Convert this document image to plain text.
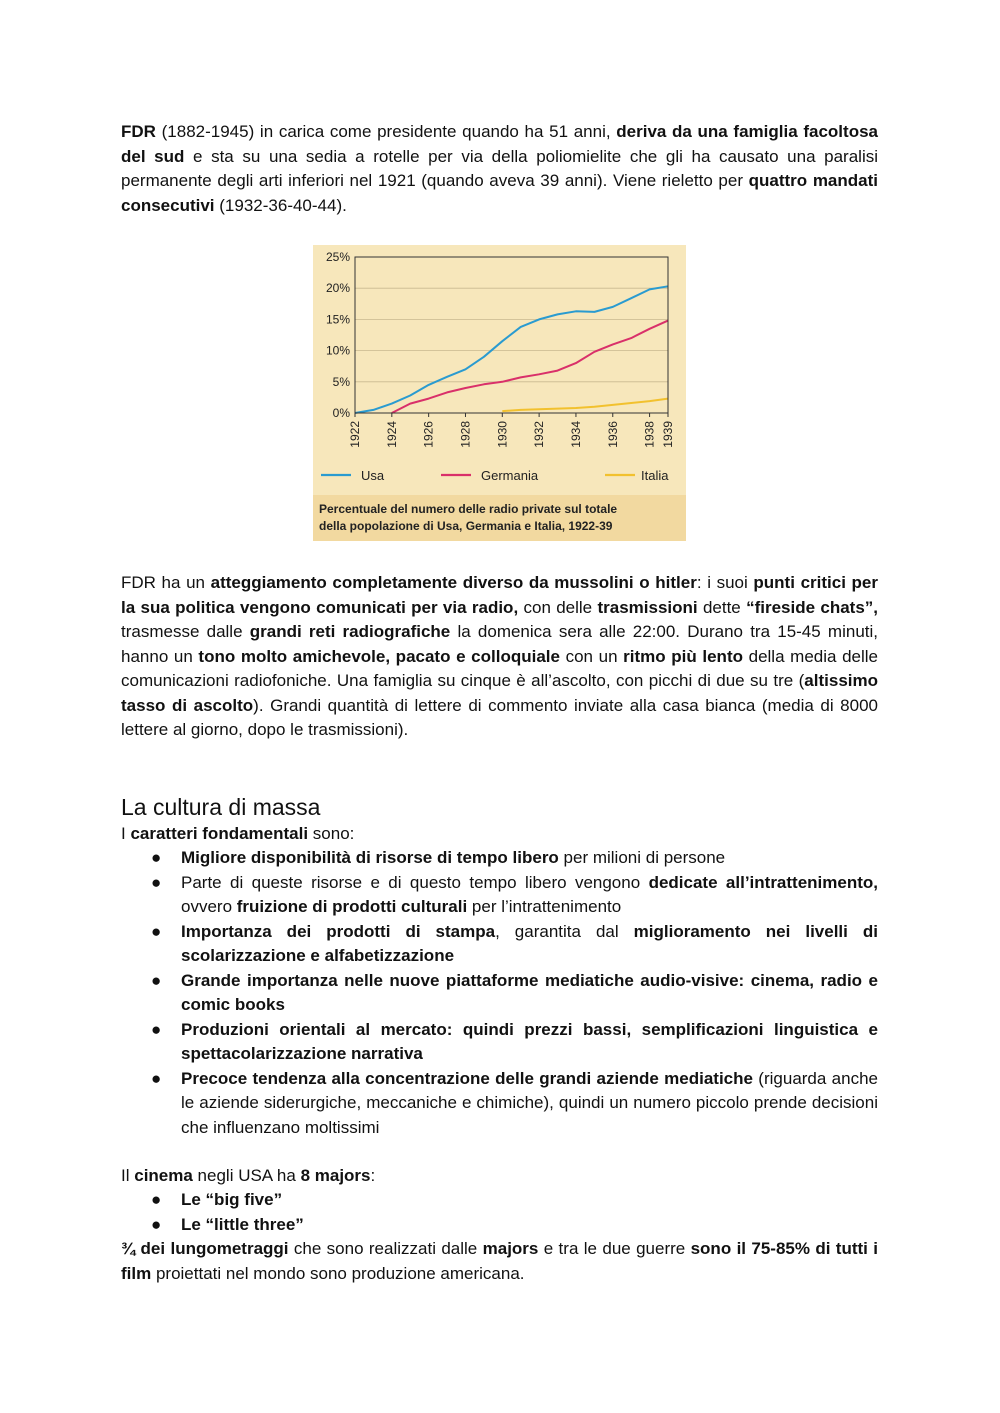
FDR (1882-1945) in carica come presidente quando ha 51 anni, deriva da una famiglia facoltosa del sud e sta su una sedia a rotelle per via della poliomielite che gli ha causato una paralisi permanente degli arti inferiori nel 1921 (quando aveva 39 anni). Viene rieletto per quattro mandati consecutivi (1932-36-40-44).

25%
20%
15%
10%
5%
0%
1922 1924 1926 1928 1930 1932 1934 1936 1938 1939
Usa	Germania	Italia
Percentuale del numero delle radio private sul totale
della popolazione di Usa, Germania e Italia, 1922-39

FDR ha un atteggiamento completamente diverso da mussolini o hitler: i suoi punti critici per la sua politica vengono comunicati per via radio, con delle trasmissioni dette “fireside chats”, trasmesse dalle grandi reti radiografiche la domenica sera alle 22:00. Durano tra 15-45 minuti, hanno un tono molto amichevole, pacato e colloquiale con un ritmo più lento della media delle comunicazioni radiofoniche. Una famiglia su cinque è all’ascolto, con picchi di due su tre (altissimo tasso di ascolto). Grandi quantità di lettere di commento inviate alla casa bianca (media di 8000 lettere al giorno, dopo le trasmissioni).

La cultura di massa

I caratteri fondamentali sono:

● Migliore disponibilità di risorse di tempo libero per milioni di persone
● Parte di queste risorse e di questo tempo libero vengono dedicate all’intrattenimento, ovvero fruizione di prodotti culturali per l’intrattenimento
● Importanza dei prodotti di stampa, garantita dal miglioramento nei livelli di scolarizzazione e alfabetizzazione
● Grande importanza nelle nuove piattaforme mediatiche audio-visive: cinema, radio e comic books
● Produzioni orientali al mercato: quindi prezzi bassi, semplificazioni linguistica e spettacolarizzazione narrativa
● Precoce tendenza alla concentrazione delle grandi aziende mediatiche (riguarda anche le aziende siderurgiche, meccaniche e chimiche), quindi un numero piccolo prende decisioni che influenzano moltissimi

Il cinema negli USA ha 8 majors:

● Le “big five”
● Le “little three”

¾ dei lungometraggi che sono realizzati dalle majors e tra le due guerre sono il 75-85% di tutti i film proiettati nel mondo sono produzione americana.
